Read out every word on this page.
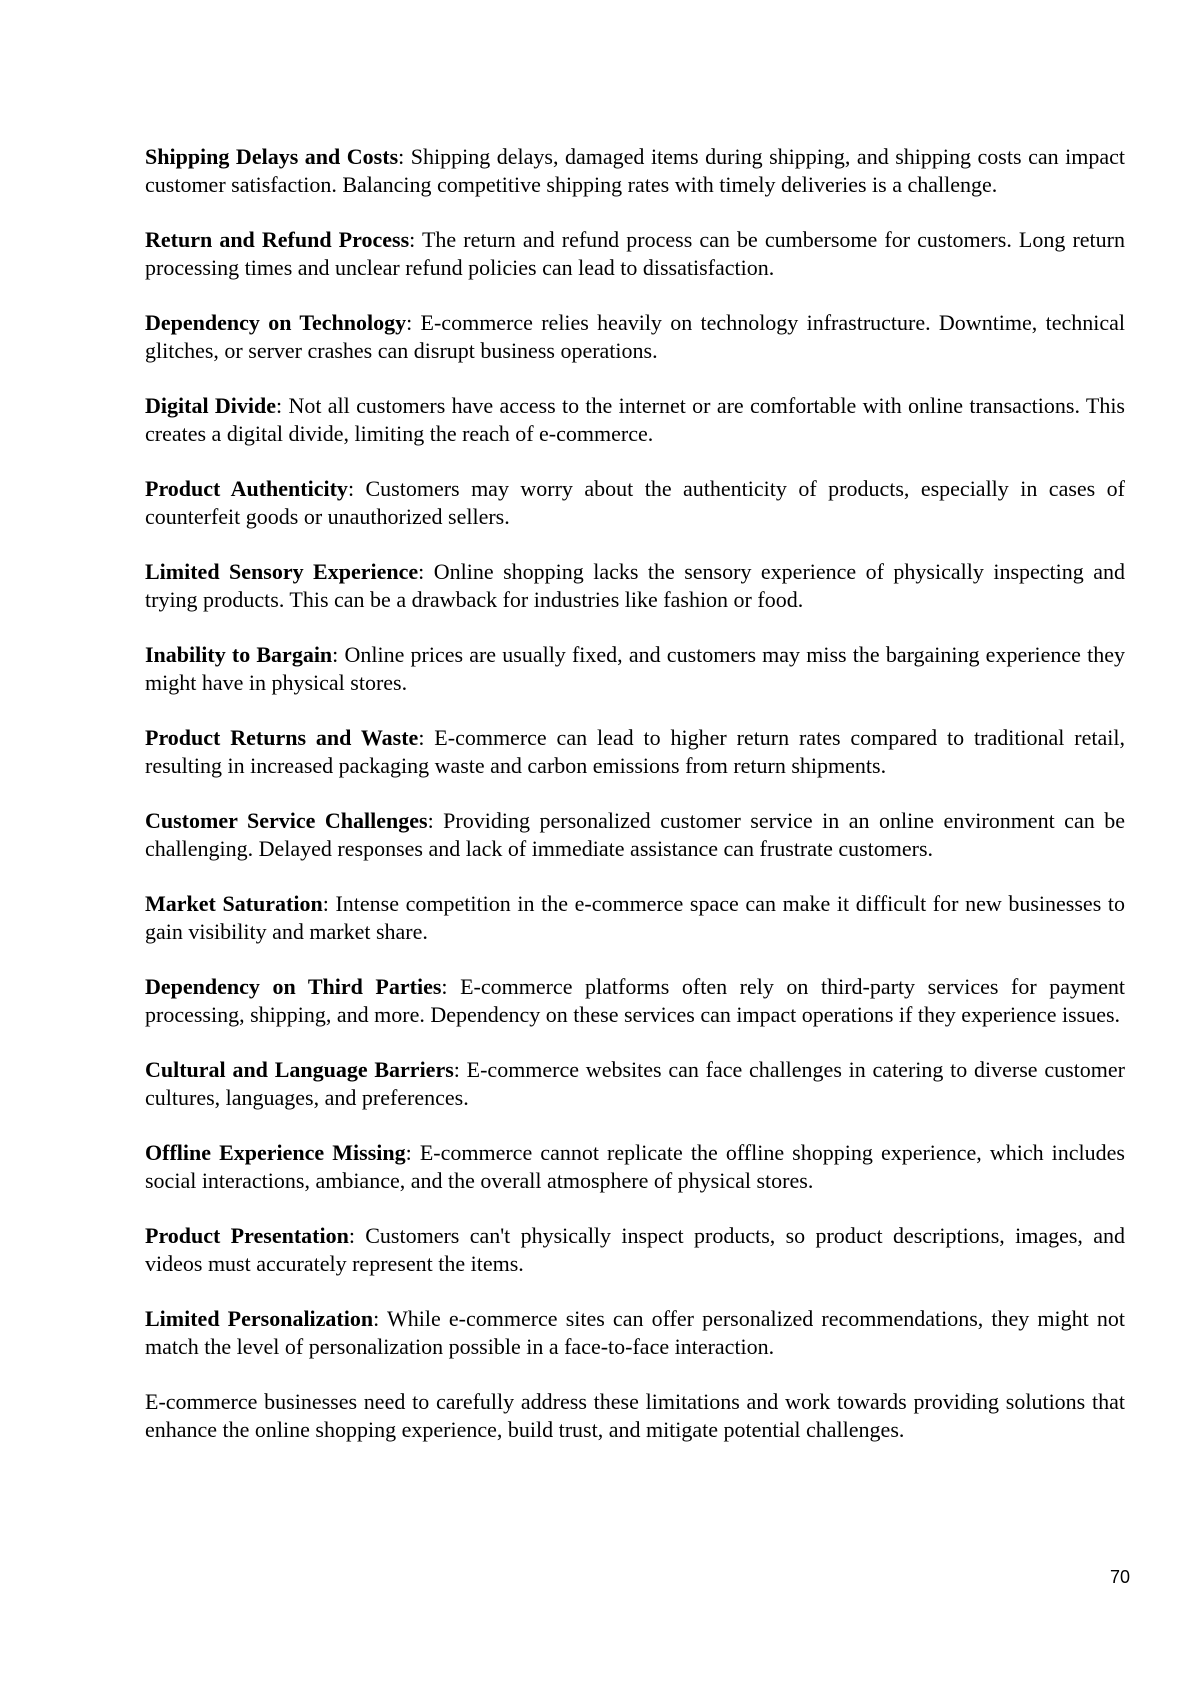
Shipping Delays and Costs: Shipping delays, damaged items during shipping, and shipping costs can impact customer satisfaction. Balancing competitive shipping rates with timely deliveries is a challenge.

Return and Refund Process: The return and refund process can be cumbersome for customers. Long return processing times and unclear refund policies can lead to dissatisfaction.

Dependency on Technology: E-commerce relies heavily on technology infrastructure. Downtime, technical glitches, or server crashes can disrupt business operations.

Digital Divide: Not all customers have access to the internet or are comfortable with online transactions. This creates a digital divide, limiting the reach of e-commerce.

Product Authenticity: Customers may worry about the authenticity of products, especially in cases of counterfeit goods or unauthorized sellers.

Limited Sensory Experience: Online shopping lacks the sensory experience of physically inspecting and trying products. This can be a drawback for industries like fashion or food.

Inability to Bargain: Online prices are usually fixed, and customers may miss the bargaining experience they might have in physical stores.

Product Returns and Waste: E-commerce can lead to higher return rates compared to traditional retail, resulting in increased packaging waste and carbon emissions from return shipments.

Customer Service Challenges: Providing personalized customer service in an online environment can be challenging. Delayed responses and lack of immediate assistance can frustrate customers.

Market Saturation: Intense competition in the e-commerce space can make it difficult for new businesses to gain visibility and market share.

Dependency on Third Parties: E-commerce platforms often rely on third-party services for payment processing, shipping, and more. Dependency on these services can impact operations if they experience issues.

Cultural and Language Barriers: E-commerce websites can face challenges in catering to diverse customer cultures, languages, and preferences.

Offline Experience Missing: E-commerce cannot replicate the offline shopping experience, which includes social interactions, ambiance, and the overall atmosphere of physical stores.

Product Presentation: Customers can't physically inspect products, so product descriptions, images, and videos must accurately represent the items.

Limited Personalization: While e-commerce sites can offer personalized recommendations, they might not match the level of personalization possible in a face-to-face interaction.

E-commerce businesses need to carefully address these limitations and work towards providing solutions that enhance the online shopping experience, build trust, and mitigate potential challenges.

70
